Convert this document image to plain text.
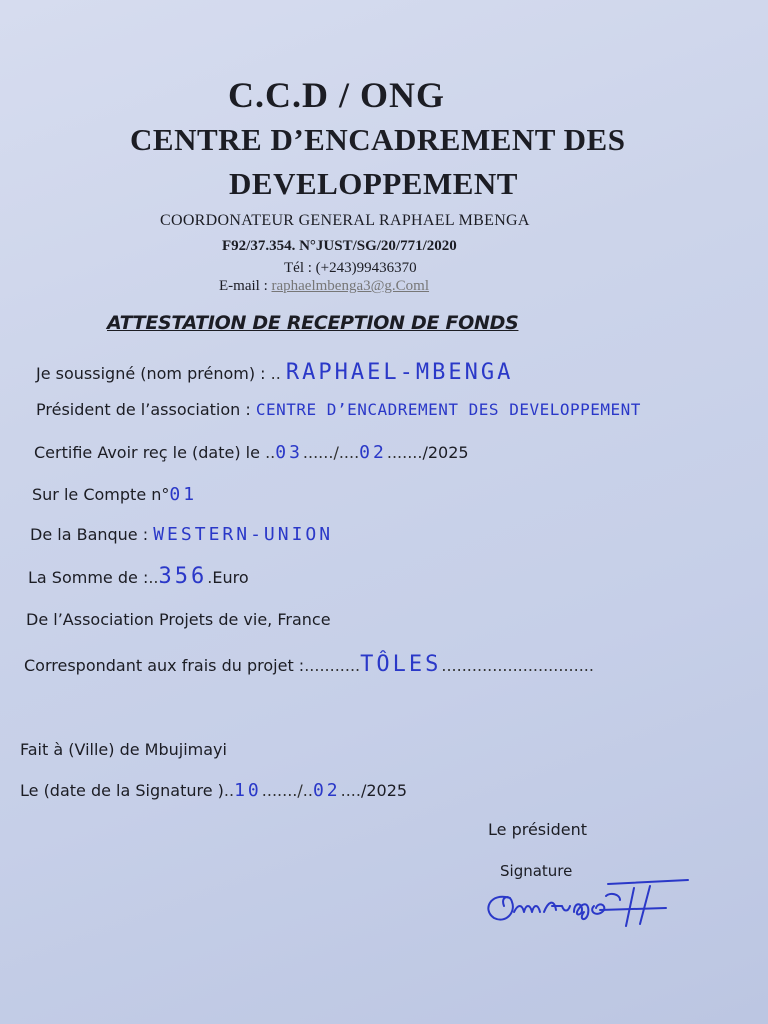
C.C.D / ONG
CENTRE D’ENCADREMENT DES
DEVELOPPEMENT
COORDONATEUR GENERAL RAPHAEL MBENGA
F92/37.354. N°JUST/SG/20/771/2020
Tél : (+243)99436370
E-mail : raphaelmbenga3@g.Coml
ATTESTATION DE RECEPTION DE FONDS
Je soussigné (nom prénom) : .. RAPHAEL-MBENGA
Président de l’association : CENTRE D’ENCADREMENT DES DEVELOPPEMENT
Certifie Avoir reç le (date) le ..03....../....02......./2025
Sur le Compte n°01
De la Banque : WESTERN-UNION
La Somme de :..356.Euro
De l’Association Projets de vie, France
Correspondant aux frais du projet :...........TÔLES..............................
Fait à (Ville) de Mbujimayi
Le (date de la Signature )..10......./..02..../2025
Le président
Signature
